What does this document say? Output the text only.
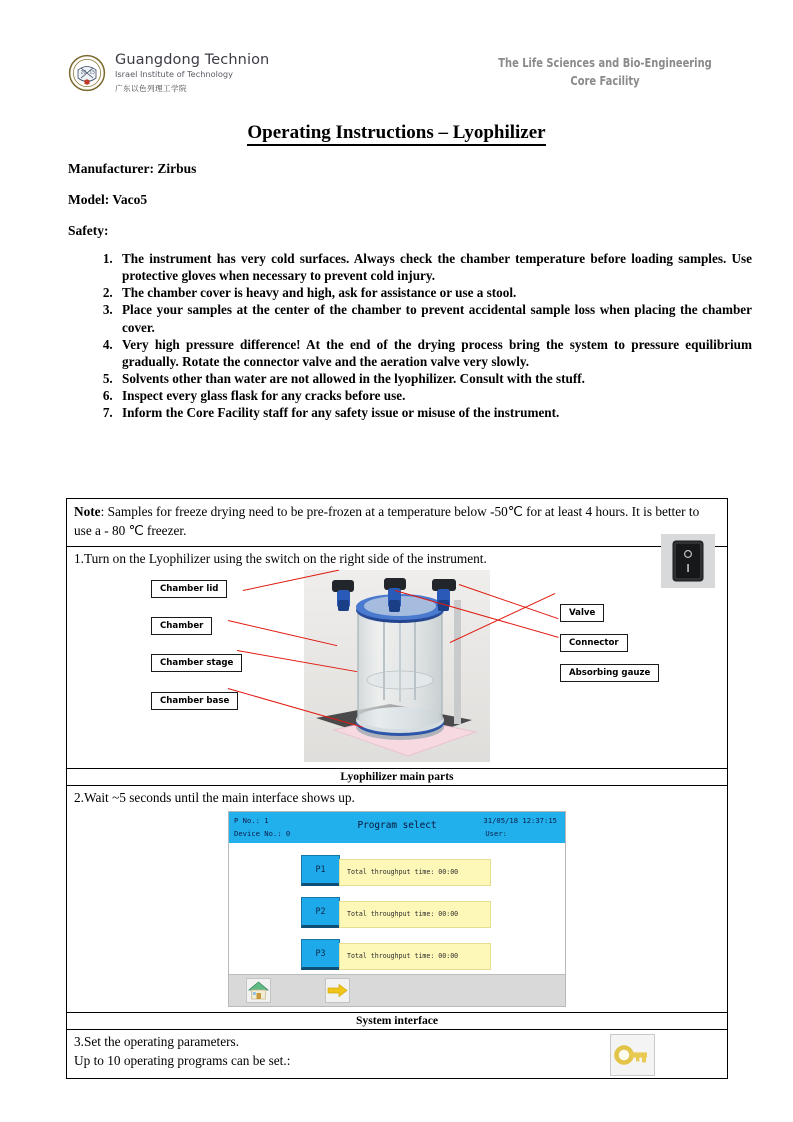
20 15
Guangdong Technion
Israel Institute of Technology
广东以色列理工学院
The Life Sciences and Bio-Engineering
Core Facility
Operating Instructions – Lyophilizer
Manufacturer: Zirbus
Model: Vaco5
Safety:
1. The instrument has very cold surfaces. Always check the chamber temperature before loading samples. Use protective gloves when necessary to prevent cold injury.
2. The chamber cover is heavy and high, ask for assistance or use a stool.
3. Place your samples at the center of the chamber to prevent accidental sample loss when placing the chamber cover.
4. Very high pressure difference! At the end of the drying process bring the system to pressure equilibrium gradually. Rotate the connector valve and the aeration valve very slowly.
5. Solvents other than water are not allowed in the lyophilizer. Consult with the stuff.
6. Inspect every glass flask for any cracks before use.
7. Inform the Core Facility staff for any safety issue or misuse of the instrument.
Note: Samples for freeze drying need to be pre-frozen at a temperature below -50℃ for at least 4 hours. It is better to use a - 80 ℃ freezer.
1.Turn on the Lyophilizer using the switch on the right side of the instrument.
Chamber lid
Chamber
Chamber stage
Chamber base
Valve
Connector
Absorbing gauze
Lyophilizer main parts
2.Wait ~5 seconds until the main interface shows up.
P No.: 1
Device No.: 0
Program select	31/05/18 12:37:15
User:
P1	Total throughput time: 00:00
P2	Total throughput time: 00:00
P3	Total throughput time: 00:00
System interface
3.Set the operating parameters.
Up to 10 operating programs can be set.:
